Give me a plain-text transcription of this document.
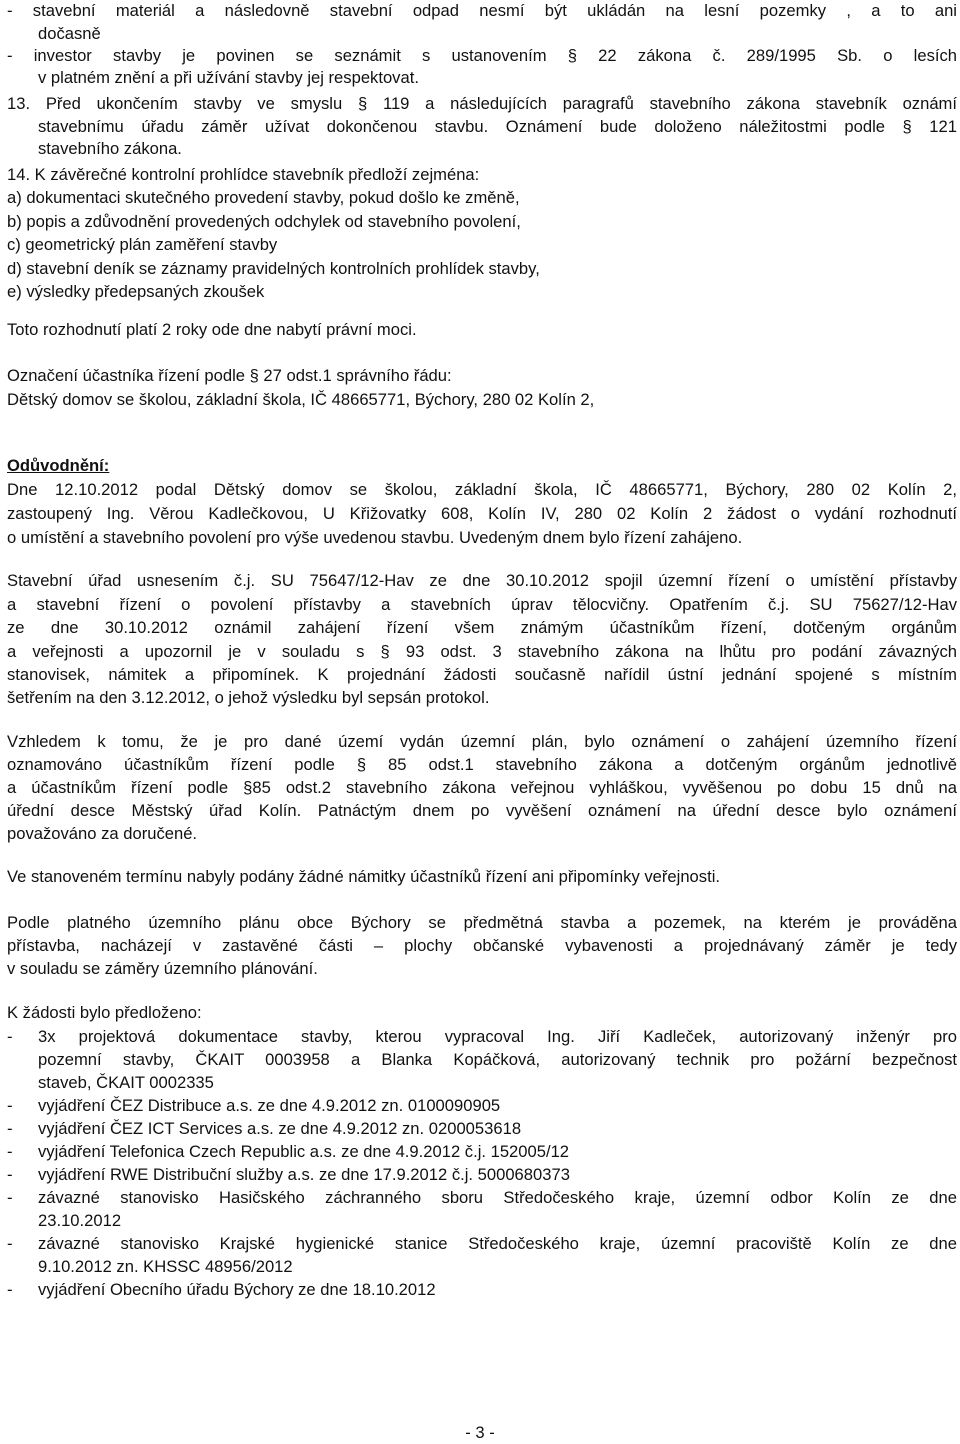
- stavební materiál a následovně stavební odpad nesmí být ukládán na lesní pozemky , a to ani
dočasně
- investor stavby je povinen se seznámit s ustanovením § 22 zákona č. 289/1995 Sb. o lesích
v platném znění a při užívání stavby jej respektovat.
13. Před ukončením stavby ve smyslu § 119 a následujících paragrafů stavebního zákona stavebník oznámí
stavebnímu úřadu záměr užívat dokončenou stavbu. Oznámení bude doloženo náležitostmi podle § 121
stavebního zákona.
14. K závěrečné kontrolní prohlídce stavebník předloží zejména:
a) dokumentaci skutečného provedení stavby, pokud došlo ke změně,
b) popis a zdůvodnění provedených odchylek od stavebního povolení,
c) geometrický plán zaměření stavby
d) stavební deník se záznamy pravidelných kontrolních prohlídek stavby,
e) výsledky předepsaných zkoušek
Toto rozhodnutí platí 2 roky ode dne nabytí právní moci.
Označení účastníka řízení podle § 27 odst.1 správního řádu:
Dětský domov se školou, základní škola, IČ 48665771, Býchory, 280 02 Kolín 2,
Odůvodnění:
Dne 12.10.2012 podal Dětský domov se školou, základní škola, IČ 48665771, Býchory, 280 02 Kolín 2,
zastoupený Ing. Věrou Kadlečkovou, U Křižovatky 608, Kolín IV, 280 02 Kolín 2 žádost o vydání rozhodnutí
o umístění a stavebního povolení pro výše uvedenou stavbu. Uvedeným dnem bylo řízení zahájeno.
Stavební úřad usnesením č.j. SU 75647/12-Hav ze dne 30.10.2012 spojil územní řízení o umístění přístavby
a stavební řízení o povolení přístavby a stavebních úprav tělocvičny. Opatřením č.j. SU 75627/12-Hav
ze dne 30.10.2012 oznámil zahájení řízení všem známým účastníkům řízení, dotčeným orgánům
a veřejnosti a upozornil je v souladu s § 93 odst. 3 stavebního zákona na lhůtu pro podání závazných
stanovisek, námitek a připomínek. K projednání žádosti současně nařídil ústní jednání spojené s místním
šetřením na den 3.12.2012, o jehož výsledku byl sepsán protokol.
Vzhledem k tomu, že je pro dané území vydán územní plán, bylo oznámení o zahájení územního řízení
oznamováno účastníkům řízení podle § 85 odst.1 stavebního zákona a dotčeným orgánům jednotlivě
a účastníkům řízení podle §85 odst.2 stavebního zákona veřejnou vyhláškou, vyvěšenou po dobu 15 dnů na
úřední desce Městský úřad Kolín. Patnáctým dnem po vyvěšení oznámení na úřední desce bylo oznámení
považováno za doručené.
Ve stanoveném termínu nabyly podány žádné námitky účastníků řízení ani připomínky veřejnosti.
Podle platného územního plánu obce Býchory se předmětná stavba a pozemek, na kterém je prováděna
přístavba, nacházejí v zastavěné části – plochy občanské vybavenosti a projednávaný záměr je tedy
v souladu se záměry územního plánování.
K žádosti bylo předloženo:
- 3x projektová dokumentace stavby, kterou vypracoval Ing. Jiří Kadleček, autorizovaný inženýr pro
pozemní stavby, ČKAIT 0003958 a Blanka Kopáčková, autorizovaný technik pro požární bezpečnost
staveb, ČKAIT 0002335
- vyjádření ČEZ Distribuce a.s. ze dne 4.9.2012 zn. 0100090905
- vyjádření ČEZ ICT Services a.s. ze dne 4.9.2012 zn. 0200053618
- vyjádření Telefonica Czech Republic a.s. ze dne 4.9.2012 č.j. 152005/12
- vyjádření RWE Distribuční služby a.s. ze dne 17.9.2012 č.j. 5000680373
- závazné stanovisko Hasičského záchranného sboru Středočeského kraje, územní odbor Kolín ze dne
23.10.2012
- závazné stanovisko Krajské hygienické stanice Středočeského kraje, územní pracoviště Kolín ze dne
9.10.2012 zn. KHSSC 48956/2012
- vyjádření Obecního úřadu Býchory ze dne 18.10.2012
- 3 -
